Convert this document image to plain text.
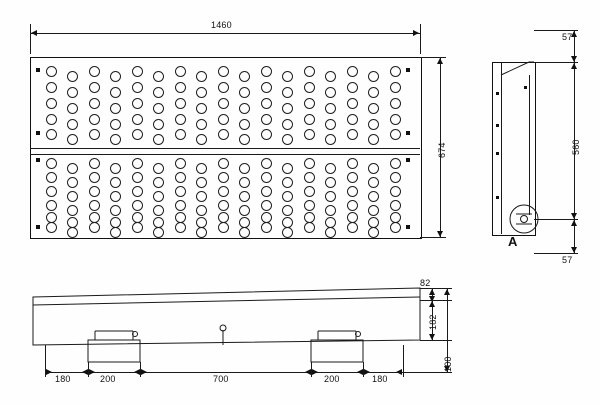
1460
674
A
57
560
57
180	200	700	200	180
82
182
100
